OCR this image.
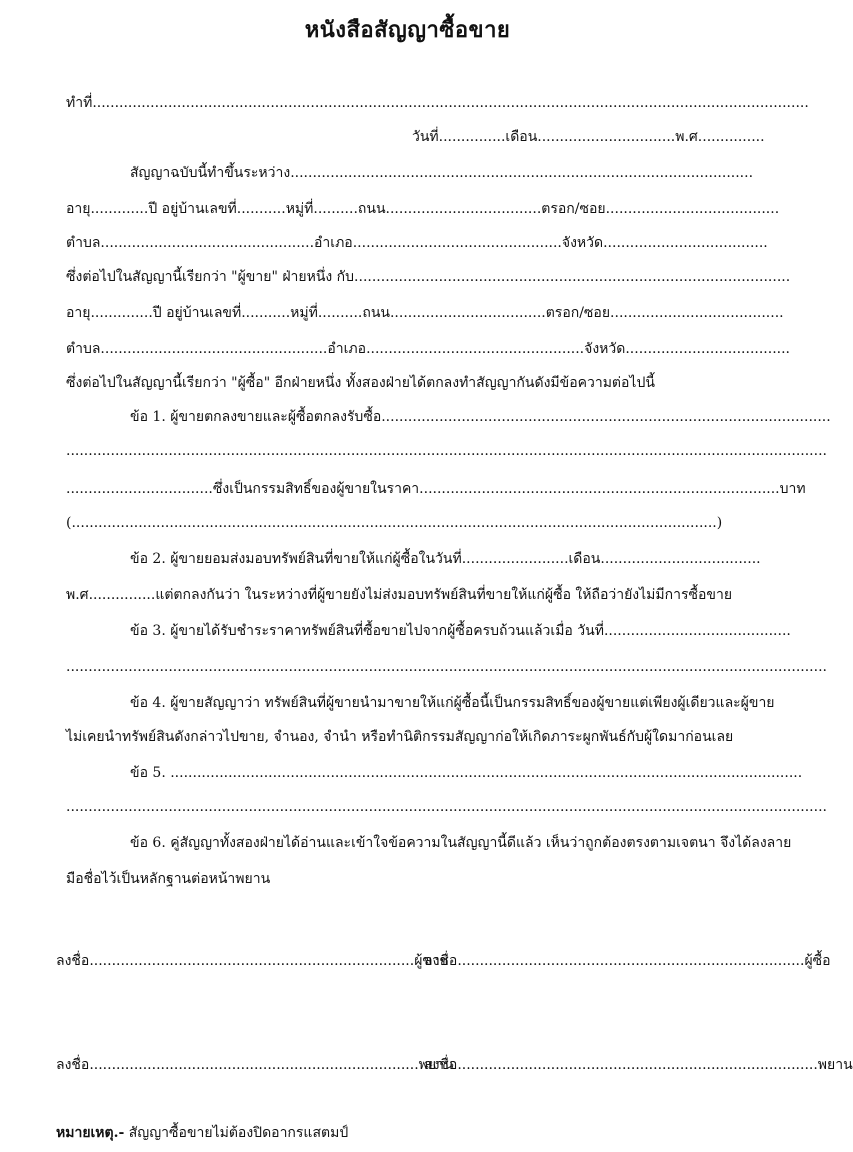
หนังสือสัญญาซื้อขาย
ทำที่.................................................................................................................................................................
วันที่...............เดือน...............................พ.ศ...............
สัญญาฉบับนี้ทำขึ้นระหว่าง........................................................................................................
อายุ.............ปี อยู่บ้านเลขที่...........หมู่ที่..........ถนน...................................ตรอก/ซอย.......................................
ตำบล................................................อำเภอ...............................................จังหวัด.....................................
ซึ่งต่อไปในสัญญานี้เรียกว่า "ผู้ขาย" ฝ่ายหนึ่ง กับ..................................................................................................
อายุ..............ปี อยู่บ้านเลขที่...........หมู่ที่..........ถนน...................................ตรอก/ซอย.......................................
ตำบล...................................................อำเภอ.................................................จังหวัด.....................................
ซึ่งต่อไปในสัญญานี้เรียกว่า "ผู้ซื้อ" อีกฝ่ายหนึ่ง ทั้งสองฝ่ายได้ตกลงทำสัญญากันดังมีข้อความต่อไปนี้
ข้อ 1. ผู้ขายตกลงขายและผู้ซื้อตกลงรับซื้อ.....................................................................................................
...........................................................................................................................................................................
.................................ซึ่งเป็นกรรมสิทธิ์ของผู้ขายในราคา.................................................................................บาท
(.................................................................................................................................................)
ข้อ 2. ผู้ขายยอมส่งมอบทรัพย์สินที่ขายให้แก่ผู้ซื้อในวันที่........................เดือน....................................
พ.ศ...............แต่ตกลงกันว่า ในระหว่างที่ผู้ขายยังไม่ส่งมอบทรัพย์สินที่ขายให้แก่ผู้ซื้อ ให้ถือว่ายังไม่มีการซื้อขาย
ข้อ 3. ผู้ขายได้รับชำระราคาทรัพย์สินที่ซื้อขายไปจากผู้ซื้อครบถ้วนแล้วเมื่อ วันที่..........................................
...........................................................................................................................................................................
ข้อ 4. ผู้ขายสัญญาว่า ทรัพย์สินที่ผู้ขายนำมาขายให้แก่ผู้ซื้อนี้เป็นกรรมสิทธิ์ของผู้ขายแต่เพียงผู้เดียวและผู้ขาย
ไม่เคยนำทรัพย์สินดังกล่าวไปขาย, จำนอง, จำนำ หรือทำนิติกรรมสัญญาก่อให้เกิดภาระผูกพันธ์กับผู้ใดมาก่อนเลย
ข้อ 5. ..............................................................................................................................................
...........................................................................................................................................................................
ข้อ 6. คู่สัญญาทั้งสองฝ่ายได้อ่านและเข้าใจข้อความในสัญญานี้ดีแล้ว เห็นว่าถูกต้องตรงตามเจตนา จึงได้ลงลาย
มือชื่อไว้เป็นหลักฐานต่อหน้าพยาน
ลงชื่อ.........................................................................ผู้ขาย
ลงชื่อ..............................................................................ผู้ซื้อ
ลงชื่อ..........................................................................พยาน
ลงชื่อ.................................................................................พยาน
หมายเหตุ.- สัญญาซื้อขายไม่ต้องปิดอากรแสตมป์
